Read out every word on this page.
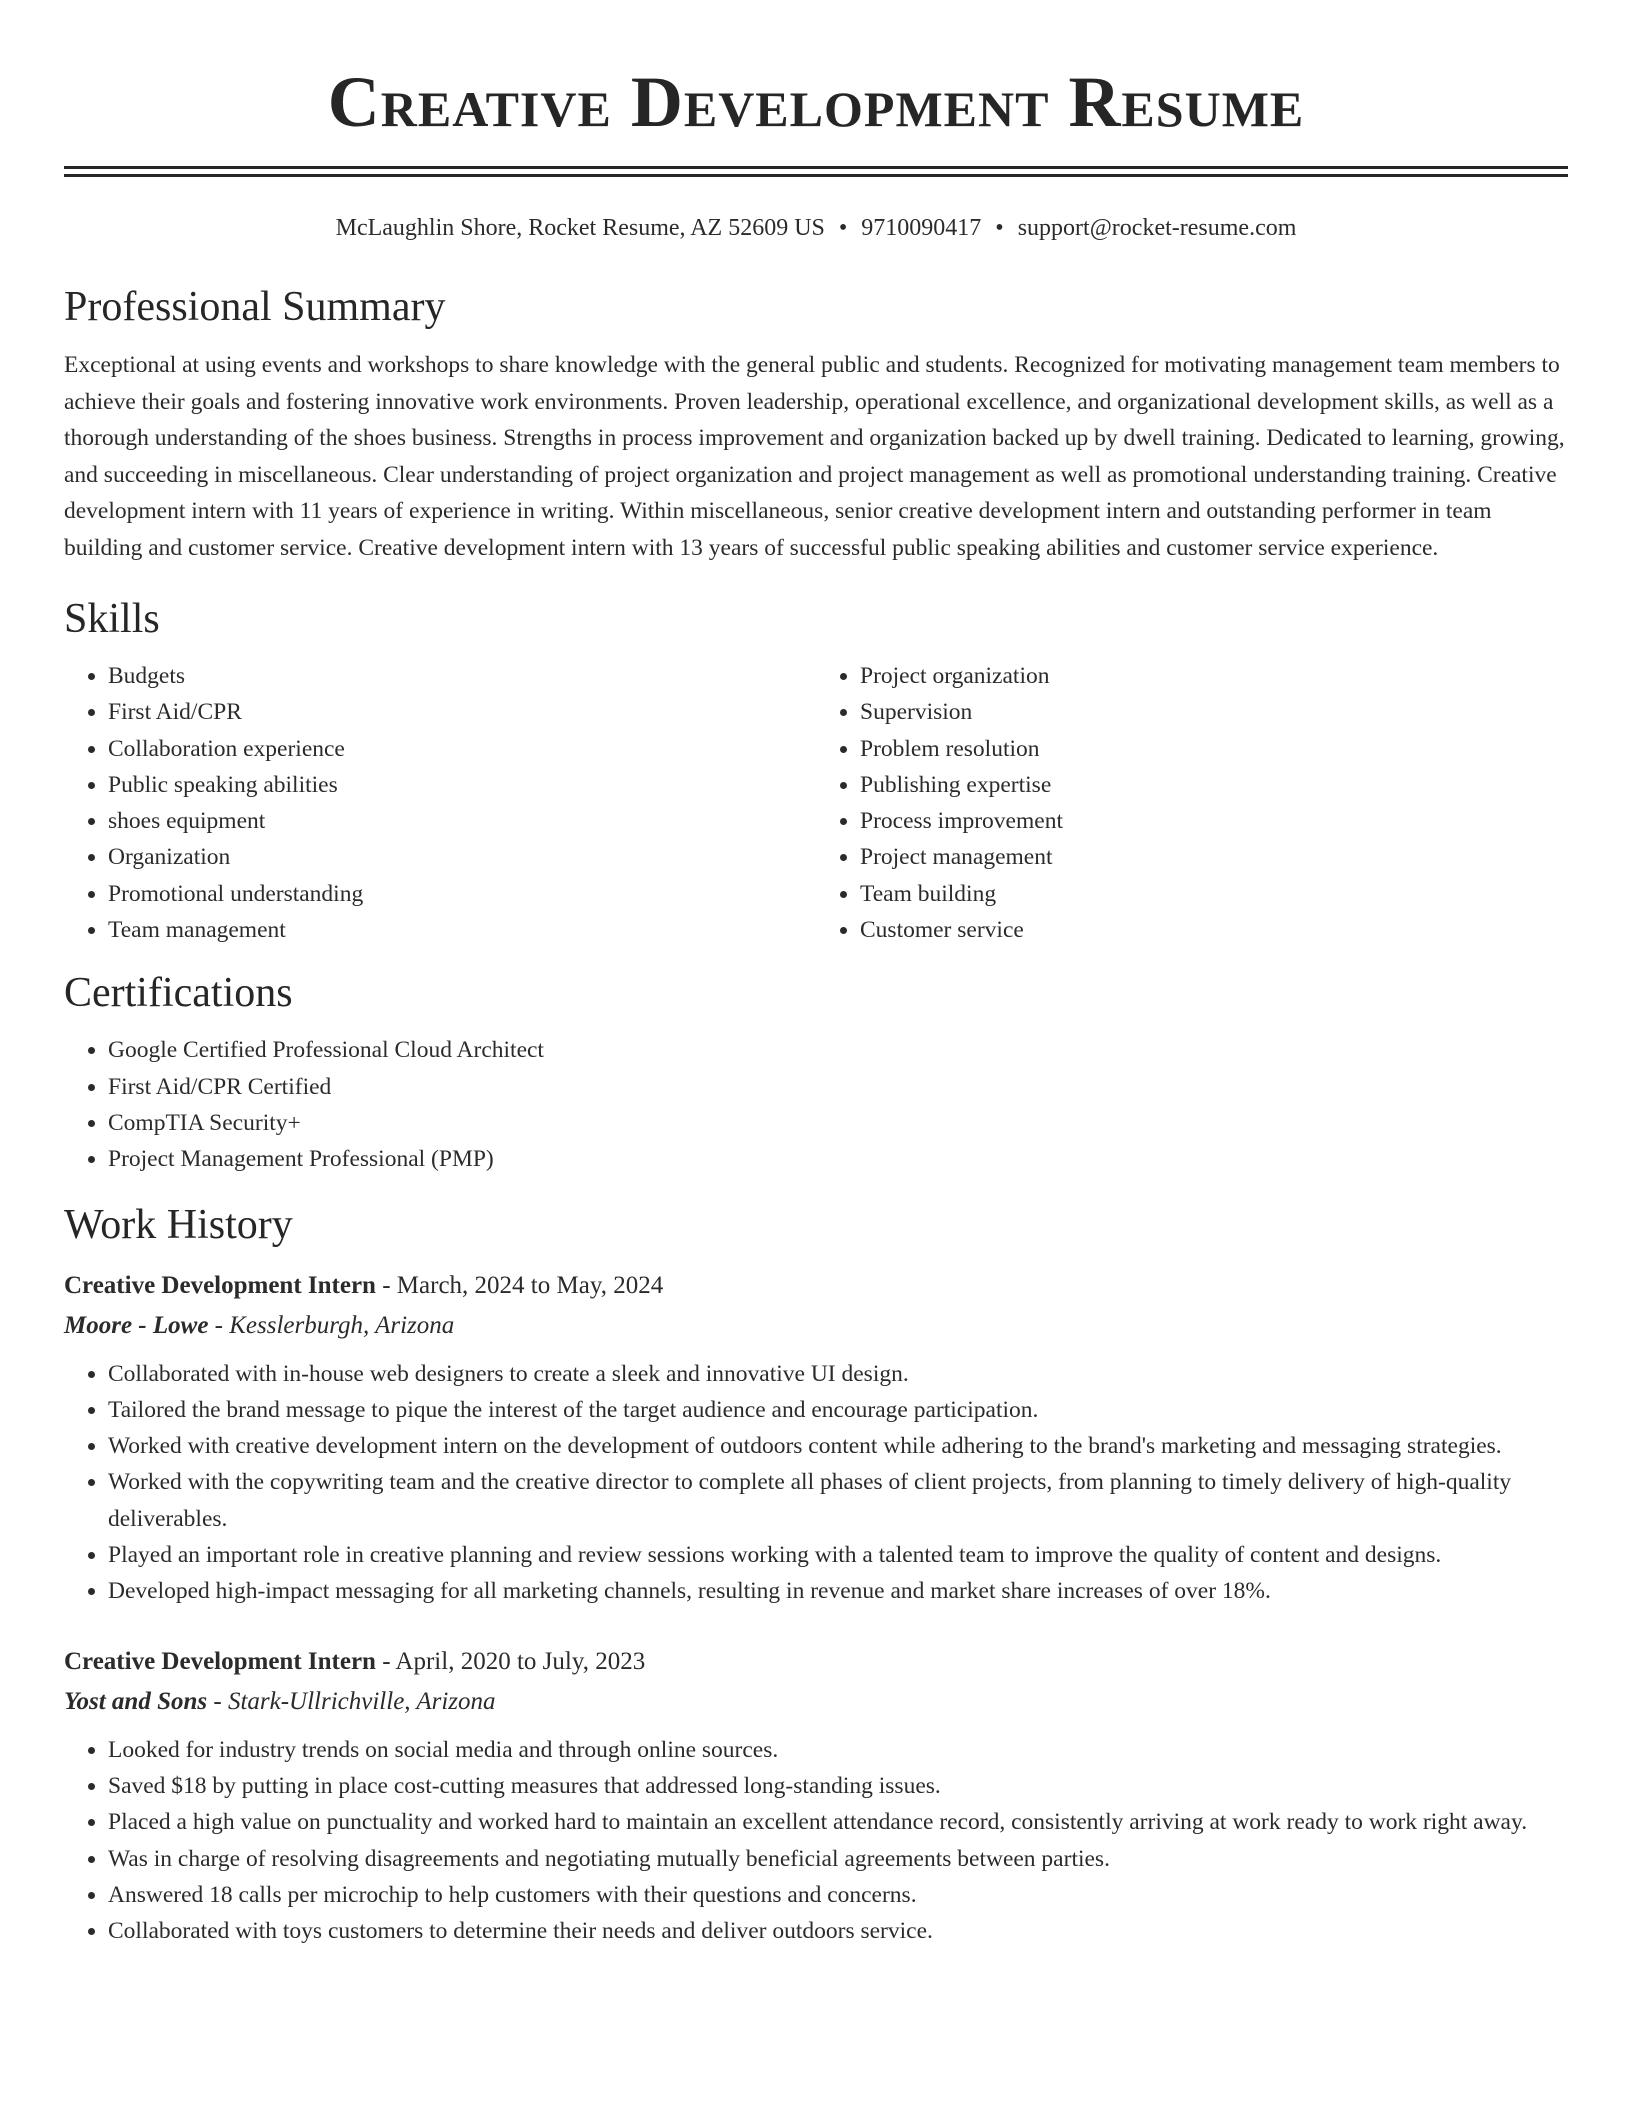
Creative Development Resume
McLaughlin Shore, Rocket Resume, AZ 52609 US • 9710090417 • support@rocket-resume.com
Professional Summary

Exceptional at using events and workshops to share knowledge with the general public and students. Recognized for motivating management team members to achieve their goals and fostering innovative work environments. Proven leadership, operational excellence, and organizational development skills, as well as a thorough understanding of the shoes business. Strengths in process improvement and organization backed up by dwell training. Dedicated to learning, growing, and succeeding in miscellaneous. Clear understanding of project organization and project management as well as promotional understanding training. Creative development intern with 11 years of experience in writing. Within miscellaneous, senior creative development intern and outstanding performer in team building and customer service. Creative development intern with 13 years of successful public speaking abilities and customer service experience.

Skills
• Budgets
• First Aid/CPR
• Collaboration experience
• Public speaking abilities
• shoes equipment
• Organization
• Promotional understanding
• Team management
• Project organization
• Supervision
• Problem resolution
• Publishing expertise
• Process improvement
• Project management
• Team building
• Customer service
Certifications
• Google Certified Professional Cloud Architect
• First Aid/CPR Certified
• CompTIA Security+
• Project Management Professional (PMP)
Work History
Creative Development Intern - March, 2024 to May, 2024
Moore - Lowe - Kesslerburgh, Arizona
• Collaborated with in-house web designers to create a sleek and innovative UI design.
• Tailored the brand message to pique the interest of the target audience and encourage participation.
• Worked with creative development intern on the development of outdoors content while adhering to the brand's marketing and messaging strategies.
• Worked with the copywriting team and the creative director to complete all phases of client projects, from planning to timely delivery of high-quality deliverables.
• Played an important role in creative planning and review sessions working with a talented team to improve the quality of content and designs.
• Developed high-impact messaging for all marketing channels, resulting in revenue and market share increases of over 18%.
Creative Development Intern - April, 2020 to July, 2023
Yost and Sons - Stark-Ullrichville, Arizona
• Looked for industry trends on social media and through online sources.
• Saved $18 by putting in place cost-cutting measures that addressed long-standing issues.
• Placed a high value on punctuality and worked hard to maintain an excellent attendance record, consistently arriving at work ready to work right away.
• Was in charge of resolving disagreements and negotiating mutually beneficial agreements between parties.
• Answered 18 calls per microchip to help customers with their questions and concerns.
• Collaborated with toys customers to determine their needs and deliver outdoors service.
